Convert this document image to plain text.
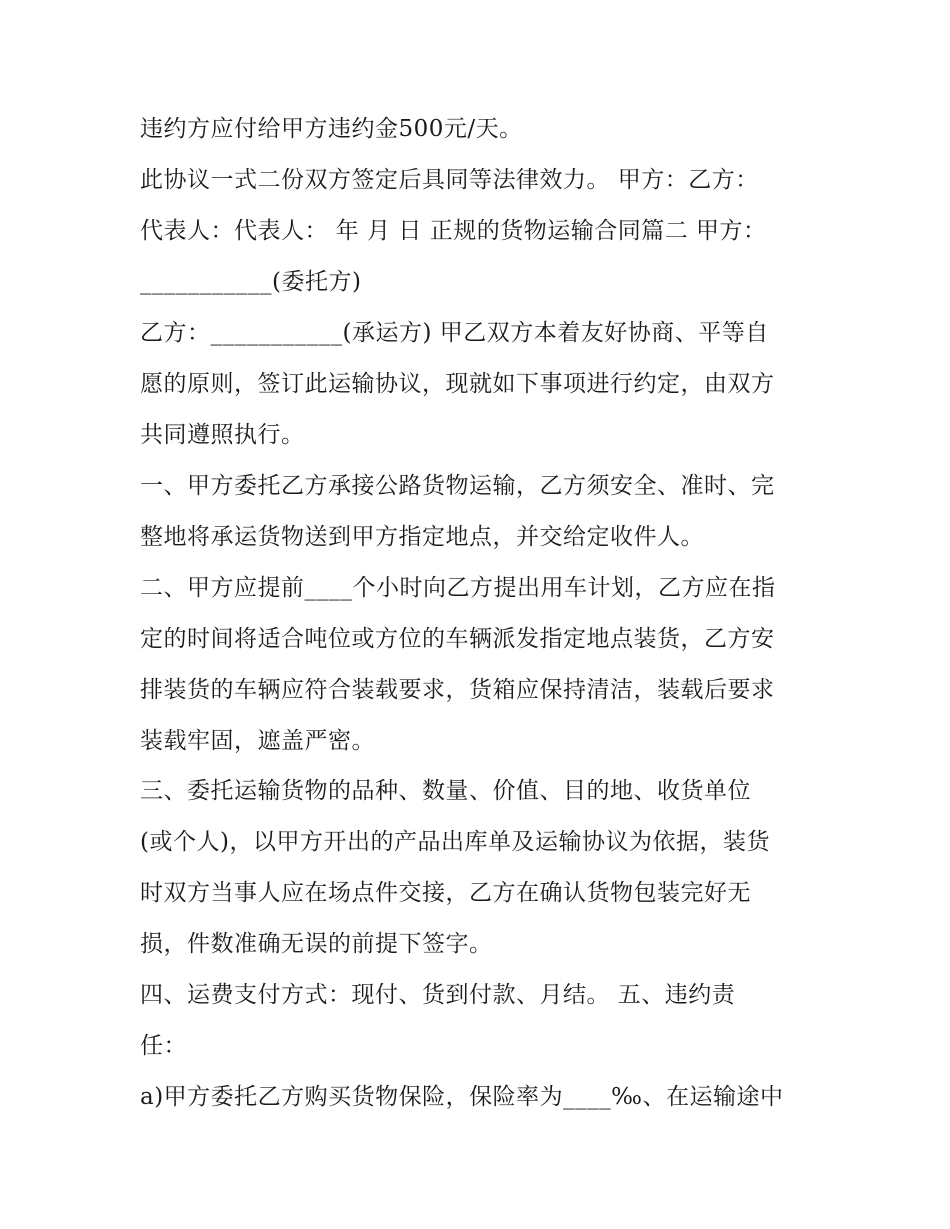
违约方应付给甲方违约金500元/天。

此协议一式二份双方签定后具同等法律效力。 甲方：乙方：

代表人：代表人： 年 月 日 正规的货物运输合同篇二 甲方：

___________(委托方)

乙方：___________(承运方) 甲乙双方本着友好协商、平等自

愿的原则，签订此运输协议，现就如下事项进行约定，由双方

共同遵照执行。

一、甲方委托乙方承接公路货物运输，乙方须安全、准时、完

整地将承运货物送到甲方指定地点，并交给定收件人。

二、甲方应提前____个小时向乙方提出用车计划，乙方应在指

定的时间将适合吨位或方位的车辆派发指定地点装货，乙方安

排装货的车辆应符合装载要求，货箱应保持清洁，装载后要求

装载牢固，遮盖严密。

三、委托运输货物的品种、数量、价值、目的地、收货单位

(或个人)，以甲方开出的产品出库单及运输协议为依据，装货

时双方当事人应在场点件交接，乙方在确认货物包装完好无

损，件数准确无误的前提下签字。

四、运费支付方式：现付、货到付款、月结。 五、违约责

任：

a)甲方委托乙方购买货物保险，保险率为____‰、在运输途中
